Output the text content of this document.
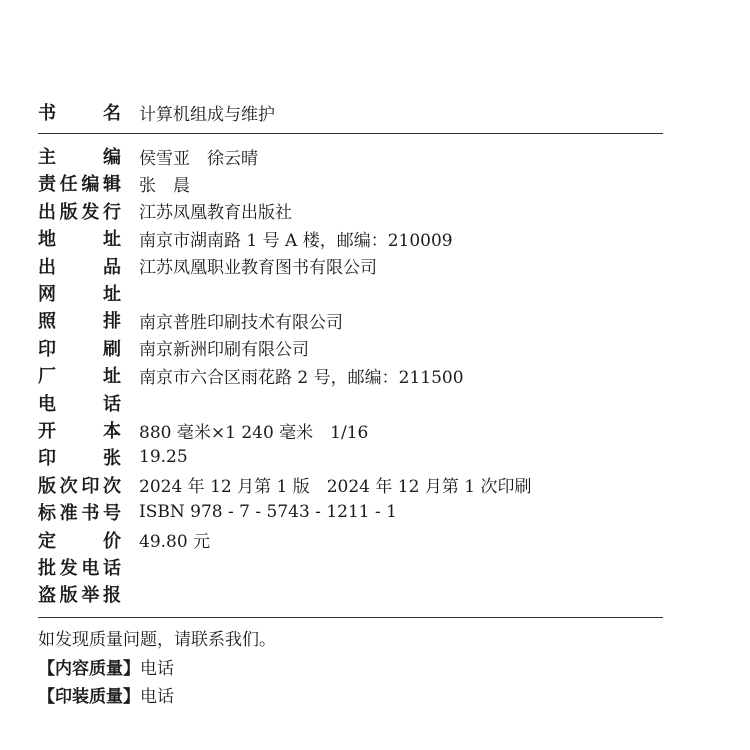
书	名 计算机组成与维护
主	编 侯雪亚　徐云晴
责 任 编 辑 张　晨
出 版 发 行 江苏凤凰教育出版社
地	址 南京市湖南路 1 号 A 楼，邮编：210009
出	品 江苏凤凰职业教育图书有限公司
网	址
照	排 南京普胜印刷技术有限公司
印	刷 南京新洲印刷有限公司
厂	址 南京市六合区雨花路 2 号，邮编：211500
电	话
开	本 880 毫米×1 240 毫米　1/16
印	张 19.25
版 次 印 次 2024 年 12 月第 1 版　2024 年 12 月第 1 次印刷
标 准 书 号 ISBN 978 - 7 - 5743 - 1211 - 1
定	价 49.80 元
批 发 电 话
盗 版 举 报
如发现质量问题，请联系我们。
【内容质量】 电话
【印装质量】 电话
